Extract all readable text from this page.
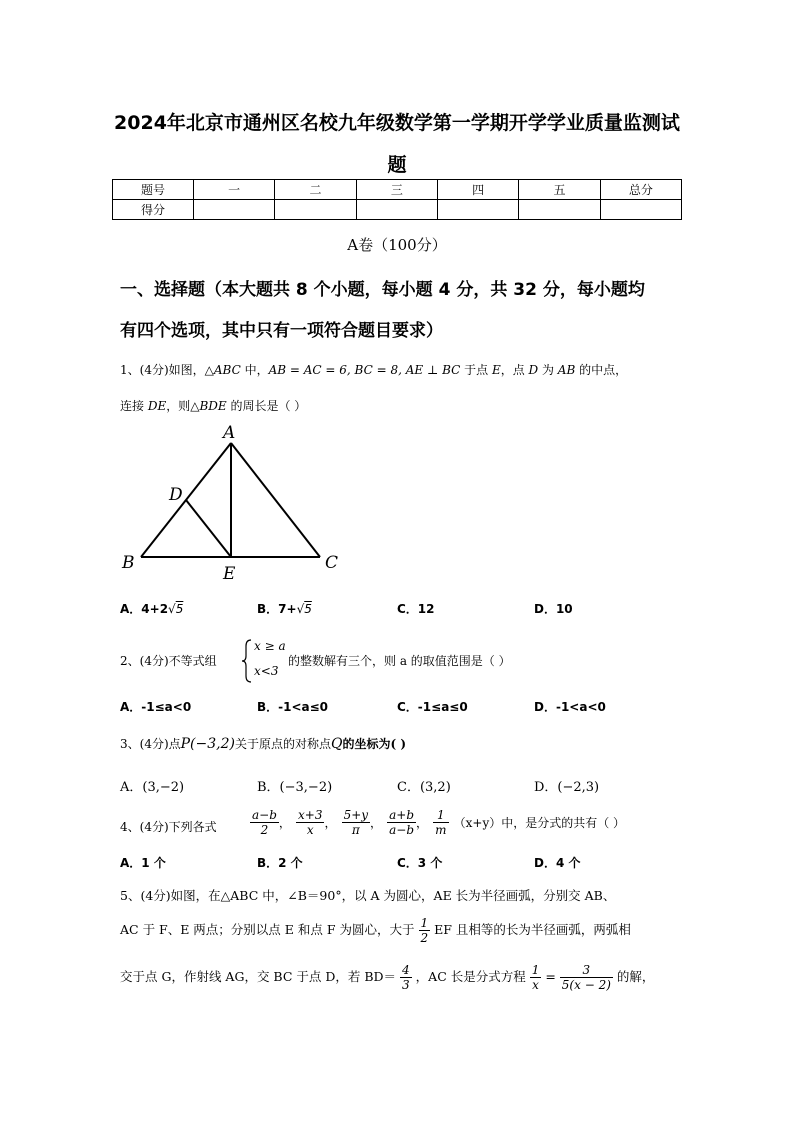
2024年北京市通州区名校九年级数学第一学期开学学业质量监测试
题
题号	一	二	三	四	五	总分
得分						
A卷（100分）
一、选择题（本大题共 8 个小题，每小题 4 分，共 32 分，每小题均
有四个选项，其中只有一项符合题目要求）
1、(4分)如图，△ABC 中，AB = AC = 6, BC = 8, AE ⊥ BC 于点 E，点 D 为 AB 的中点，
连接 DE，则△BDE 的周长是（ ）
A
D
B
E
C
A．4+2√5	B．7+√5	C．12	D．10
2、(4分)不等式组
x ≥ a
x<3
的整数解有三个，则 a 的取值范围是（ ）
A．-1≤a<0	B．-1<a≤0	C．-1≤a≤0	D．-1<a<0
3、(4分)点P(−3,2)关于原点的对称点Q的坐标为( )
A．(3,−2)	B．(−3,−2)	C．(3,2)	D．(−2,3)
4、(4分)下列各式	$\frac{a-b}{2}$ ， $\frac{x+3}{x}$ ， $\frac{5+y}{\pi}$ ， $\frac{a+b}{a-b}$ ， $\frac{1}{m} (x+y)$中，是分式的共有（ ）
A．1 个	B．2 个	C．3 个	D．4 个
5、(4分)如图，在△ABC 中，∠B＝90°，以 A 为圆心，AE 长为半径画弧，分别交 AB、
AC 于 F、E 两点；分别以点 E 和点 F 为圆心，大于 $\frac{1}{2}$ EF 且相等的长为半径画弧，两弧相
交于点 G，作射线 AG，交 BC 于点 D，若 $BD= \frac{4}{3}$ ，AC 长是分式方程 $\frac{1}{x} = \frac{3}{5(x - 2)}$ 的解，
